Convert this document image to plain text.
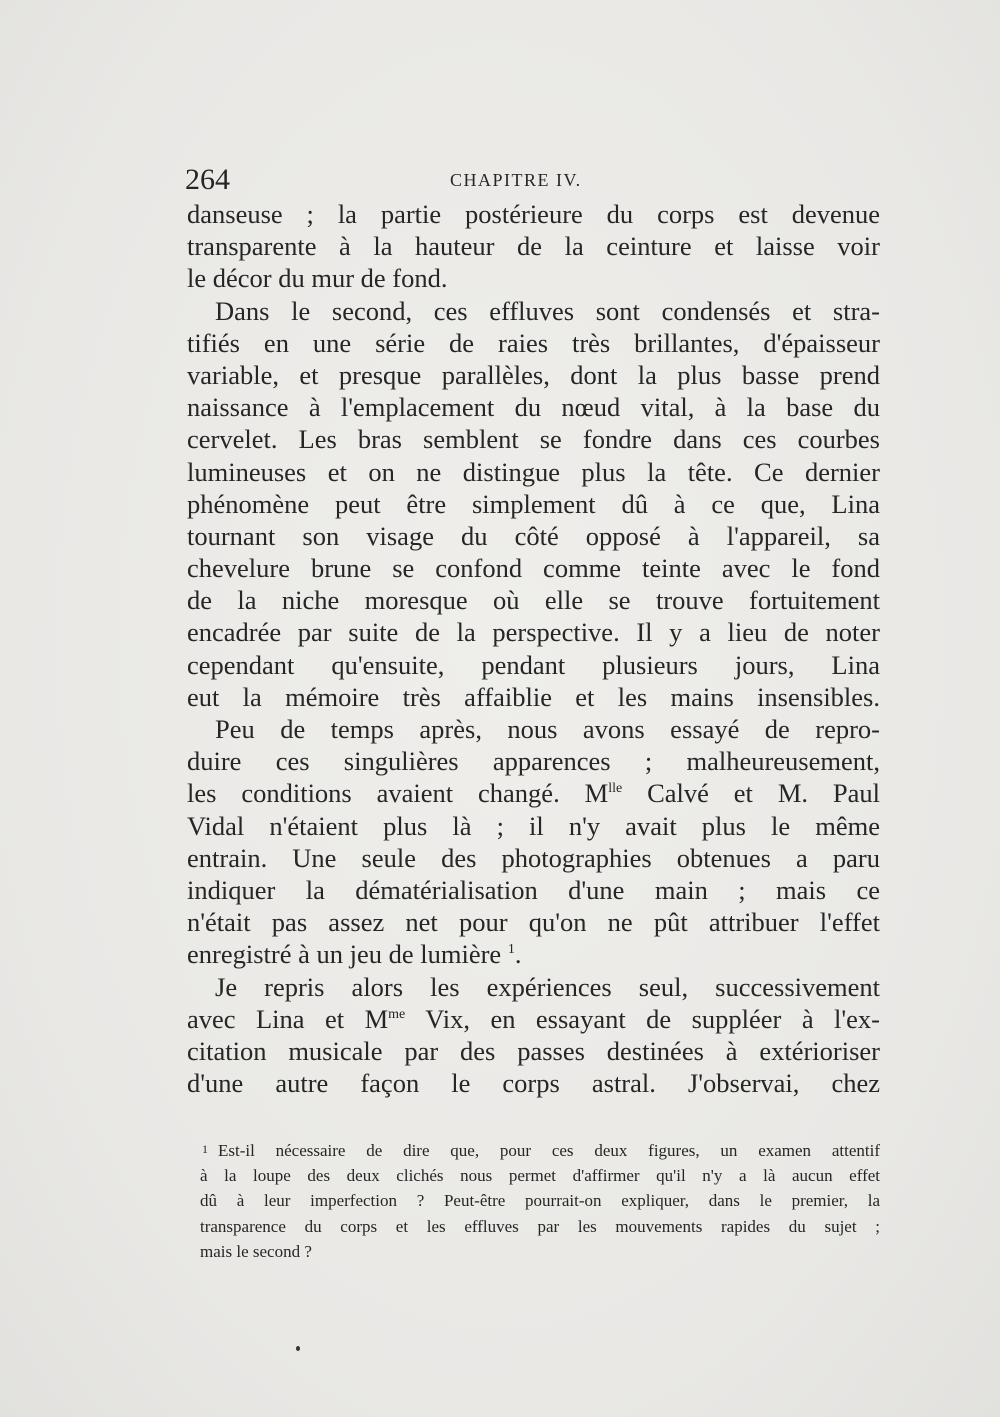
264	CHAPITRE IV.
danseuse ; la partie postérieure du corps est devenue
transparente à la hauteur de la ceinture et laisse voir
le décor du mur de fond.
Dans le second, ces effluves sont condensés et stra-
tifiés en une série de raies très brillantes, d'épaisseur
variable, et presque parallèles, dont la plus basse prend
naissance à l'emplacement du nœud vital, à la base du
cervelet. Les bras semblent se fondre dans ces courbes
lumineuses et on ne distingue plus la tête. Ce dernier
phénomène peut être simplement dû à ce que, Lina
tournant son visage du côté opposé à l'appareil, sa
chevelure brune se confond comme teinte avec le fond
de la niche moresque où elle se trouve fortuitement
encadrée par suite de la perspective. Il y a lieu de noter
cependant qu'ensuite, pendant plusieurs jours, Lina
eut la mémoire très affaiblie et les mains insensibles.
Peu de temps après, nous avons essayé de repro-
duire ces singulières apparences ; malheureusement,
les conditions avaient changé. $M^{lle}$ Calvé et M. Paul
Vidal n'étaient plus là ; il n'y avait plus le même
entrain. Une seule des photographies obtenues a paru
indiquer la dématérialisation d'une main ; mais ce
n'était pas assez net pour qu'on ne pût attribuer l'effet
enregistré à un jeu de lumière $^1$.
Je repris alors les expériences seul, successivement
avec Lina et $M^{me}$ Vix, en essayant de suppléer à l'ex-
citation musicale par des passes destinées à extérioriser
d'une autre façon le corps astral. J'observai, chez
1 Est-il nécessaire de dire que, pour ces deux figures, un examen attentif
à la loupe des deux clichés nous permet d'affirmer qu'il n'y a là aucun effet
dû à leur imperfection ? Peut-être pourrait-on expliquer, dans le premier, la
transparence du corps et les effluves par les mouvements rapides du sujet ;
mais le second ?
